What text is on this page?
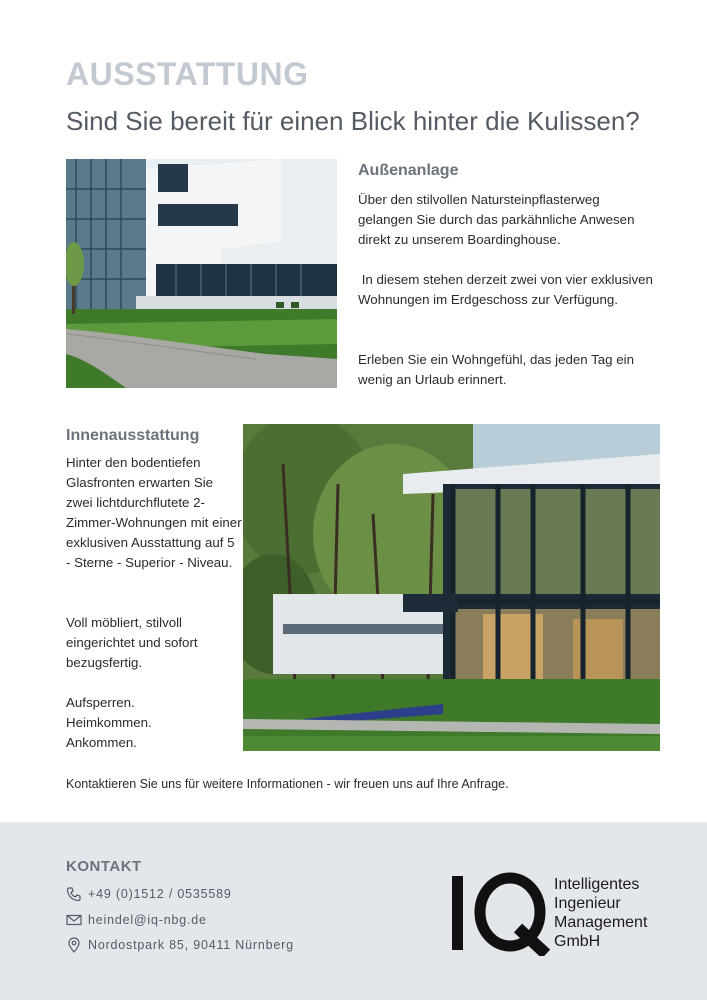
AUSSTATTUNG
Sind Sie bereit für einen Blick hinter die Kulissen?
Außenanlage

Über den stilvollen Natursteinpflasterweg gelangen Sie durch das parkähnliche Anwesen direkt zu unserem Boardinghouse.

In diesem stehen derzeit zwei von vier exklusiven Wohnungen im Erdgeschoss zur Verfügung.

Erleben Sie ein Wohngefühl, das jeden Tag ein wenig an Urlaub erinnert.

Innenausstattung

Hinter den bodentiefen Glasfronten erwarten Sie zwei lichtdurchflutete 2-Zimmer-Wohnungen mit einer exklusiven Ausstattung auf 5 - Sterne - Superior - Niveau.

Voll möbliert, stilvoll eingerichtet und sofort bezugsfertig.

Aufsperren.
Heimkommen.
Ankommen.

Kontaktieren Sie uns für weitere Informationen - wir freuen uns auf Ihre Anfrage.
KONTAKT
+49 (0)1512 / 0535589
heindel@iq-nbg.de
Nordostpark 85, 90411 Nürnberg
Intelligentes
Ingenieur
Management
GmbH
